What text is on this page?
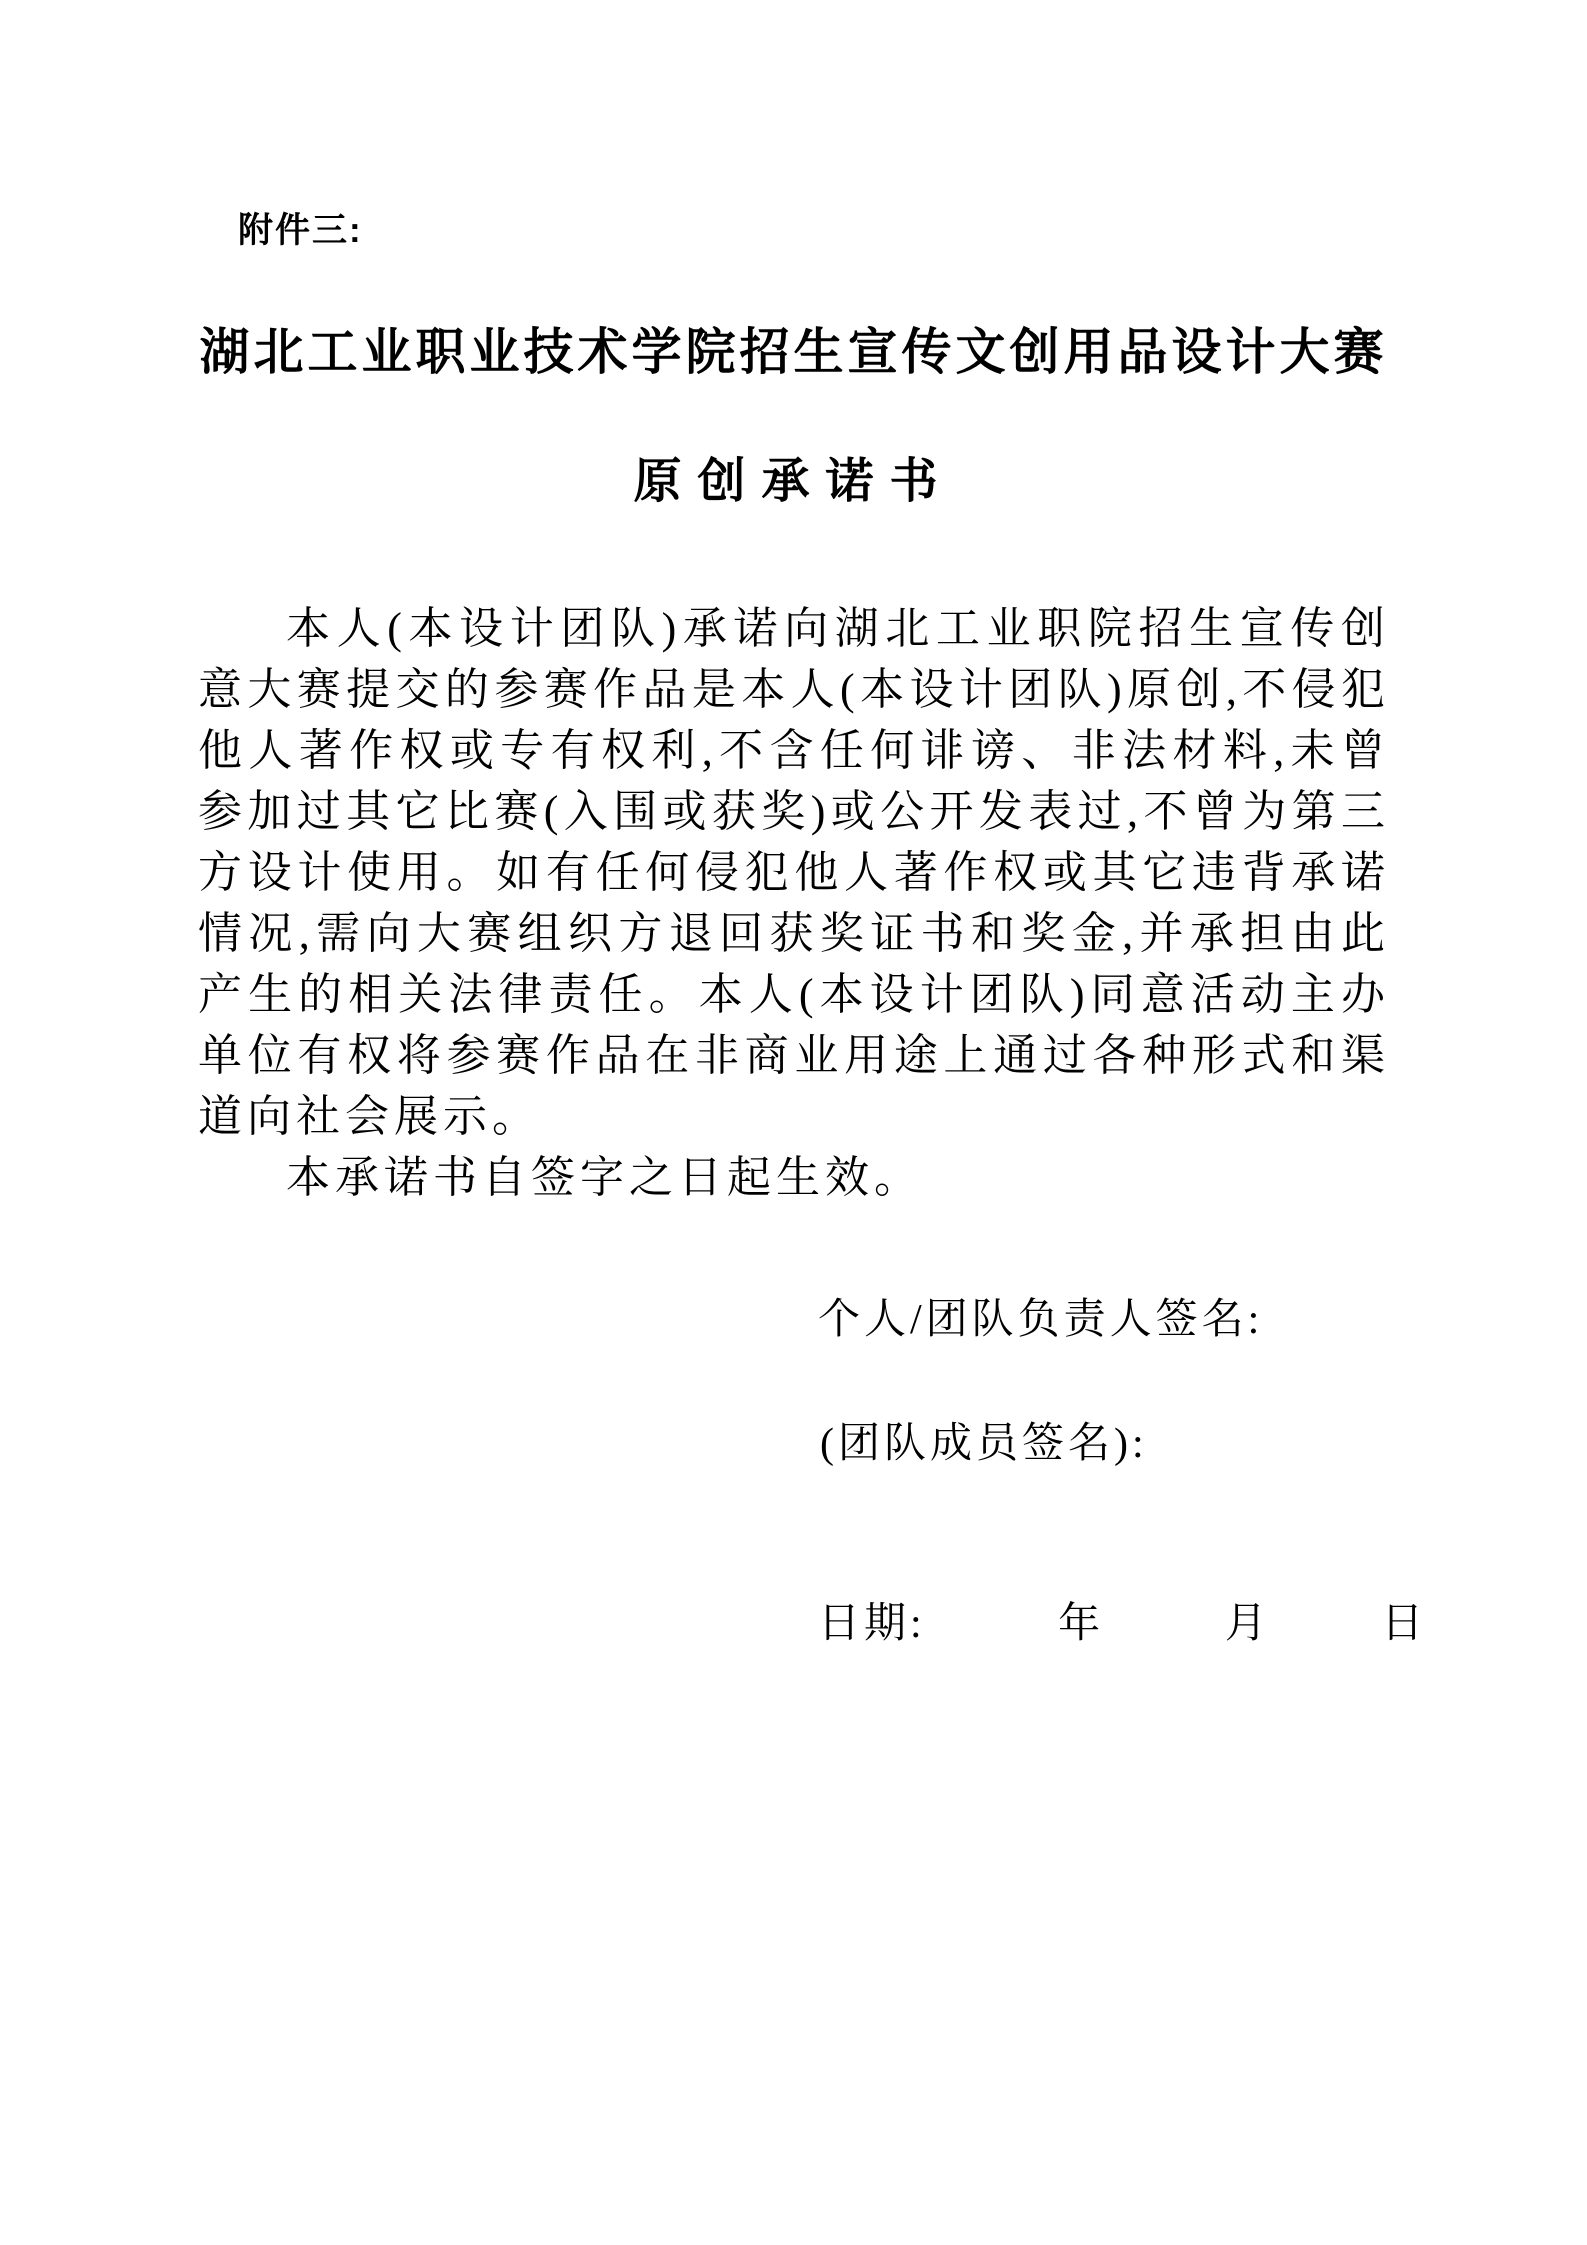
附件三:
湖北工业职业技术学院招生宣传文创用品设计大赛
原创承诺书

本人(本设计团队)承诺向湖北工业职院招生宣传创意大赛提交的参赛作品是本人(本设计团队)原创,不侵犯他人著作权或专有权利,不含任何诽谤、非法材料,未曾参加过其它比赛(入围或获奖)或公开发表过,不曾为第三方设计使用。如有任何侵犯他人著作权或其它违背承诺情况,需向大赛组织方退回获奖证书和奖金,并承担由此产生的相关法律责任。本人(本设计团队)同意活动主办单位有权将参赛作品在非商业用途上通过各种形式和渠道向社会展示。

本承诺书自签字之日起生效。

个人/团队负责人签名:
(团队成员签名):
日期:	年	月	日
